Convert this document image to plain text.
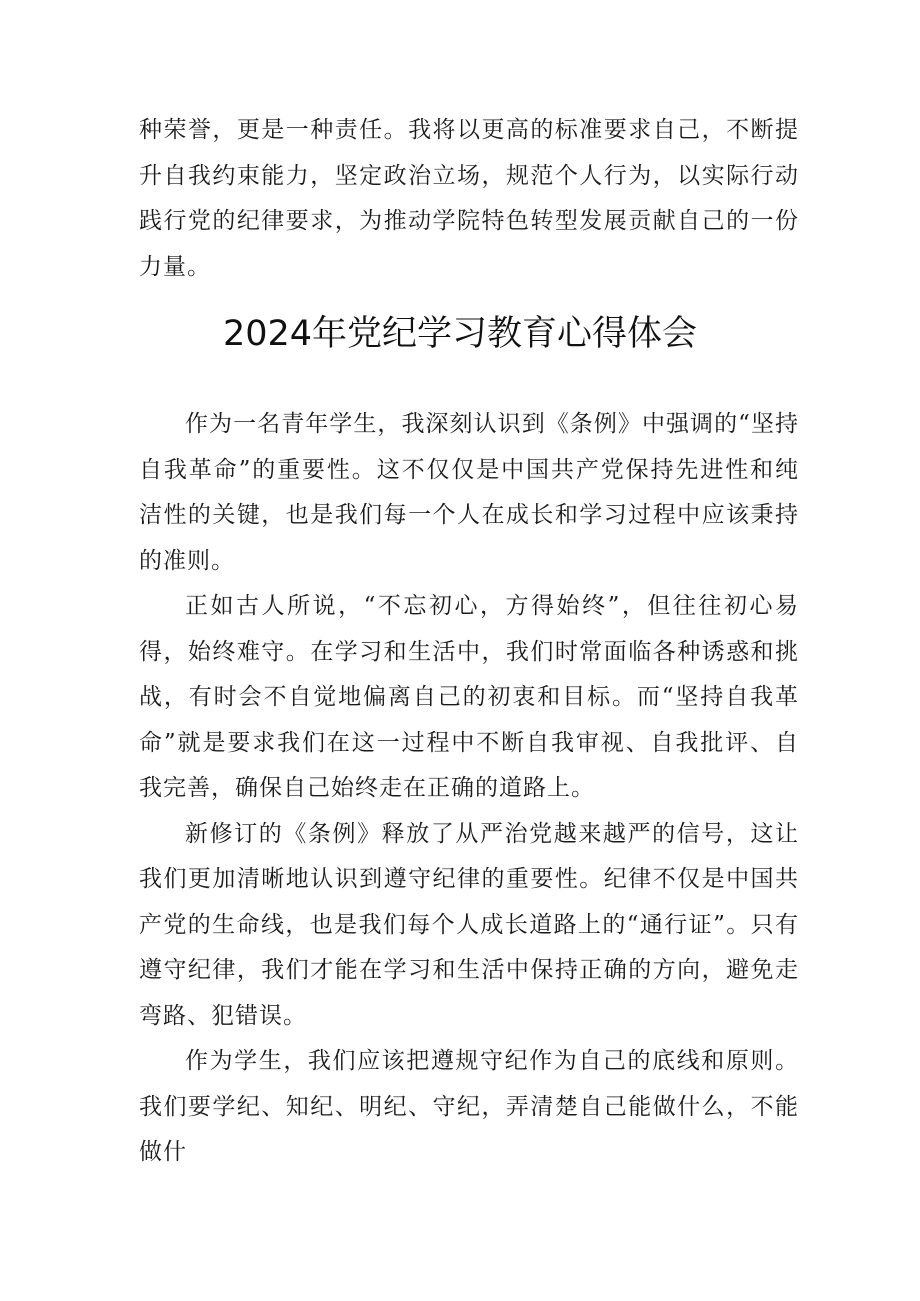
种荣誉，更是一种责任。我将以更高的标准要求自己，不断提升自我约束能力，坚定政治立场，规范个人行为，以实际行动践行党的纪律要求，为推动学院特色转型发展贡献自己的一份力量。

2024年党纪学习教育心得体会

作为一名青年学生，我深刻认识到《条例》中强调的“坚持自我革命”的重要性。这不仅仅是中国共产党保持先进性和纯洁性的关键，也是我们每一个人在成长和学习过程中应该秉持的准则。

正如古人所说，“不忘初心，方得始终”，但往往初心易得，始终难守。在学习和生活中，我们时常面临各种诱惑和挑战，有时会不自觉地偏离自己的初衷和目标。而“坚持自我革命”就是要求我们在这一过程中不断自我审视、自我批评、自我完善，确保自己始终走在正确的道路上。

新修订的《条例》释放了从严治党越来越严的信号，这让我们更加清晰地认识到遵守纪律的重要性。纪律不仅是中国共产党的生命线，也是我们每个人成长道路上的“通行证”。只有遵守纪律，我们才能在学习和生活中保持正确的方向，避免走弯路、犯错误。

作为学生，我们应该把遵规守纪作为自己的底线和原则。我们要学纪、知纪、明纪、守纪，弄清楚自己能做什么，不能做什
